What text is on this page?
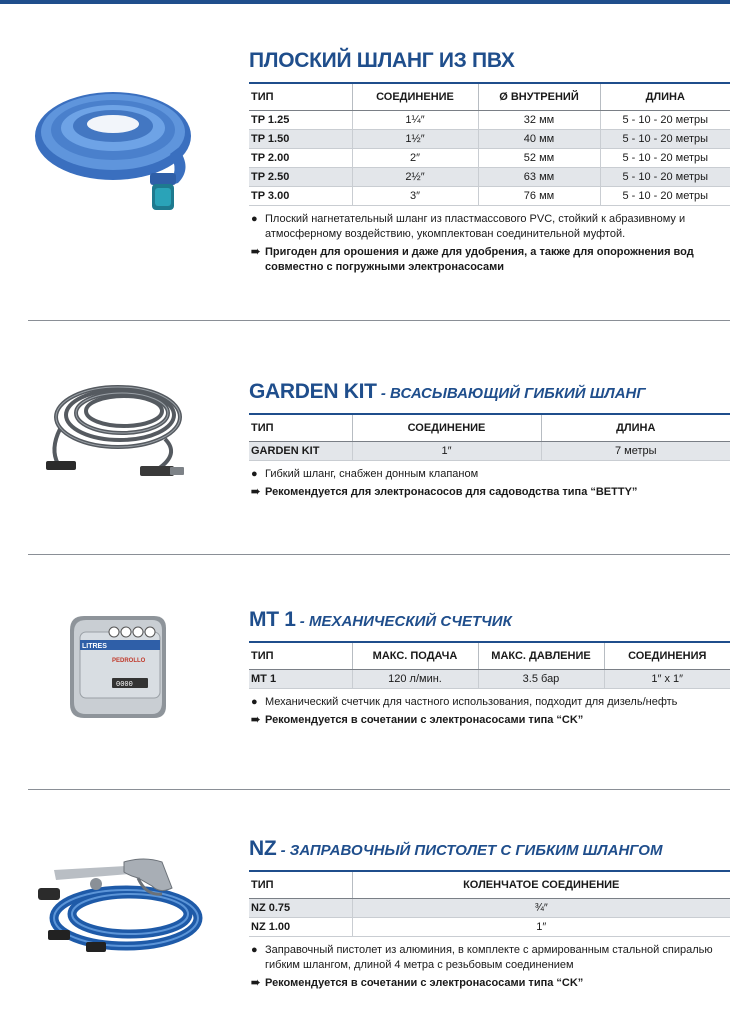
ПЛОСКИЙ ШЛАНГ ИЗ ПВХ
ТИП	СОЕДИНЕНИЕ	Ø ВНУТРЕНИЙ	ДЛИНА
TP 1.25	1¼″	32 мм	5 - 10 - 20 метры
TP 1.50	1½″	40 мм	5 - 10 - 20 метры
TP 2.00	2″	52 мм	5 - 10 - 20 метры
TP 2.50	2½″	63 мм	5 - 10 - 20 метры
TP 3.00	3″	76 мм	5 - 10 - 20 метры
● Плоский нагнетательный шланг из пластмассового PVC, стойкий к абразивному и атмосферному воздействию, укомплектован соединительной муфтой.
➠ Пригоден для орошения и даже для удобрения, а также для опорожнения вод совместно с погружными электронасосами
GARDEN KIT - ВСАСЫВАЮЩИЙ ГИБКИЙ ШЛАНГ
ТИП	СОЕДИНЕНИЕ	ДЛИНА
GARDEN KIT	1″	7 метры
● Гибкий шланг, снабжен донным клапаном
➠ Рекомендуется для электронасосов для садоводства типа “BETTY”
LITRES
PEDROLLO
0000
MT 1 - МЕХАНИЧЕСКИЙ СЧЕТЧИК
ТИП	МАКС. ПОДАЧА	МАКС. ДАВЛЕНИЕ	СОЕДИНЕНИЯ
MT 1	120 л/мин.	3.5 бар	1″ x 1″
● Механический счетчик для частного использования, подходит для дизель/нефть
➠ Рекомендуется в сочетании с электронасосами типа “CK”
NZ - ЗАПРАВОЧНЫЙ ПИСТОЛЕТ С ГИБКИМ ШЛАНГОМ
ТИП	КОЛЕНЧАТОЕ СОЕДИНЕНИЕ
NZ 0.75	¾″
NZ 1.00	1″
● Заправочный пистолет из алюминия, в комплекте с армированным стальной спиралью гибким шлангом, длиной 4 метра с резьбовым соединением
➠ Рекомендуется в сочетании с электронасосами типа “CK”
